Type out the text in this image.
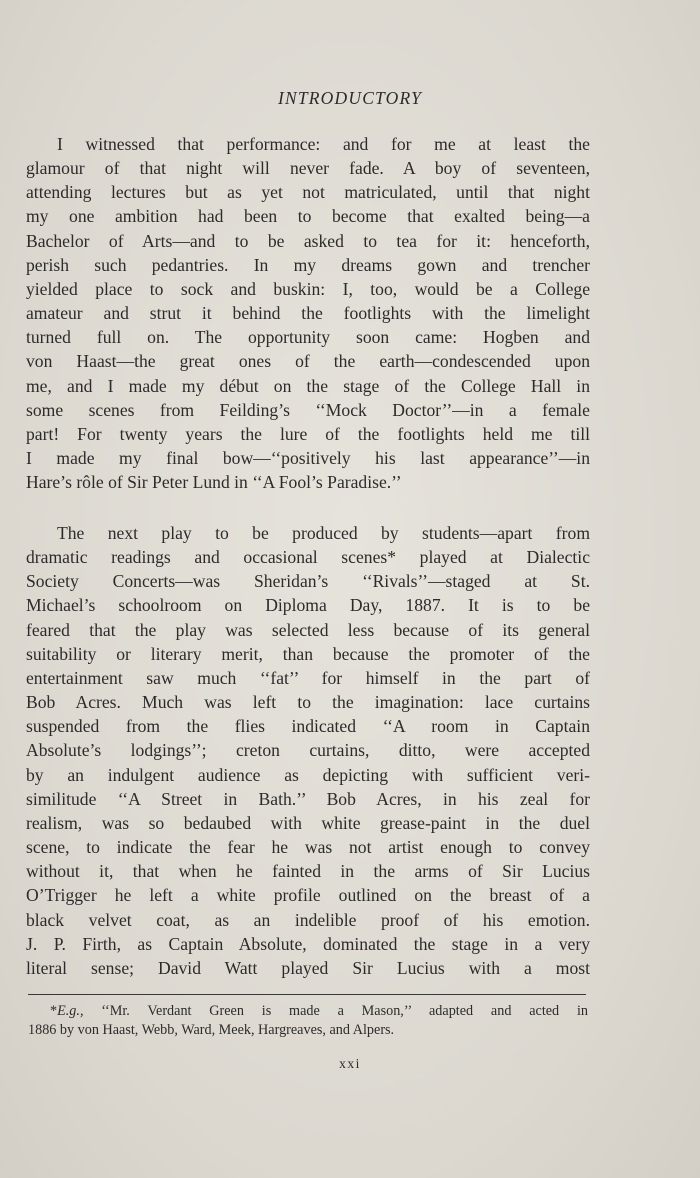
INTRODUCTORY
I witnessed that performance: and for me at least the
glamour of that night will never fade. A boy of seventeen,
attending lectures but as yet not matriculated, until that night
my one ambition had been to become that exalted being—a
Bachelor of Arts—and to be asked to tea for it: henceforth,
perish such pedantries. In my dreams gown and trencher
yielded place to sock and buskin: I, too, would be a College
amateur and strut it behind the footlights with the limelight
turned full on. The opportunity soon came: Hogben and
von Haast—the great ones of the earth—condescended upon
me, and I made my début on the stage of the College Hall in
some scenes from Feilding’s ‘‘Mock Doctor’’—in a female
part! For twenty years the lure of the footlights held me till
I made my final bow—‘‘positively his last appearance’’—in
Hare’s rôle of Sir Peter Lund in ‘‘A Fool’s Paradise.’’
The next play to be produced by students—apart from
dramatic readings and occasional scenes* played at Dialectic
Society Concerts—was Sheridan’s ‘‘Rivals’’—staged at St.
Michael’s schoolroom on Diploma Day, 1887. It is to be
feared that the play was selected less because of its general
suitability or literary merit, than because the promoter of the
entertainment saw much ‘‘fat’’ for himself in the part of
Bob Acres. Much was left to the imagination: lace curtains
suspended from the flies indicated ‘‘A room in Captain
Absolute’s lodgings’’; creton curtains, ditto, were accepted
by an indulgent audience as depicting with sufficient veri-
similitude ‘‘A Street in Bath.’’ Bob Acres, in his zeal for
realism, was so bedaubed with white grease-paint in the duel
scene, to indicate the fear he was not artist enough to convey
without it, that when he fainted in the arms of Sir Lucius
O’Trigger he left a white profile outlined on the breast of a
black velvet coat, as an indelible proof of his emotion.
J. P. Firth, as Captain Absolute, dominated the stage in a very
literal sense; David Watt played Sir Lucius with a most
*E.g., ‘‘Mr. Verdant Green is made a Mason,’’ adapted and acted in
1886 by von Haast, Webb, Ward, Meek, Hargreaves, and Alpers.
xxi
